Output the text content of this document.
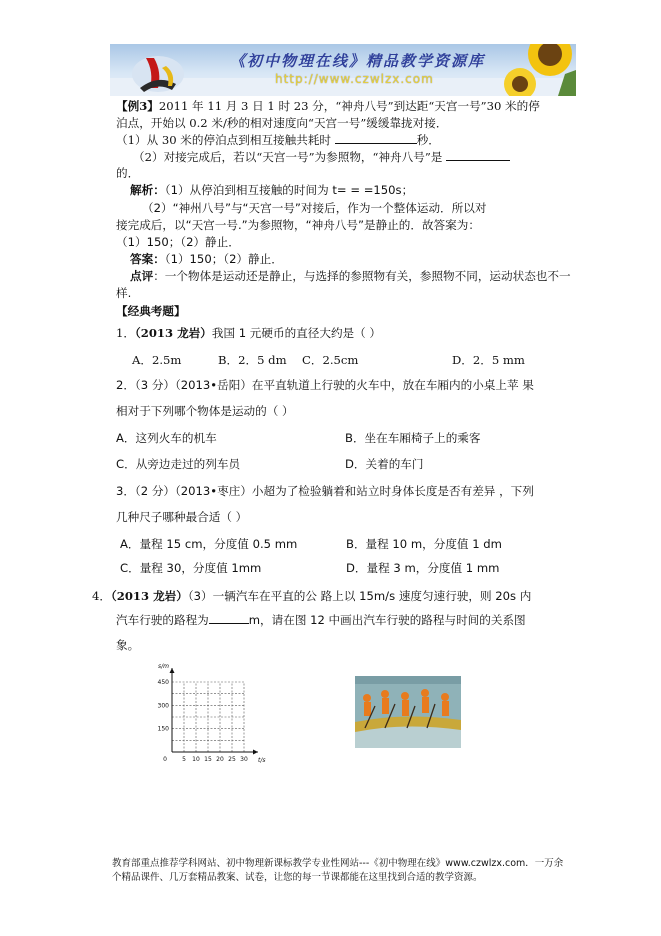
《初中物理在线》精品教学资源库
http://www.czwlzx.com
【例3】2011 年 11 月 3 日 1 时 23 分，“神舟八号”到达距“天宫一号”30 米的停
泊点，开始以 0.2 米/秒的相对速度向“天宫一号”缓缓靠拢对接．
（1）从 30 米的停泊点到相互接触共耗时	秒．
（2）对接完成后，若以“天宫一号”为参照物，“神舟八号”是
的．
解析：（1）从停泊到相互接触的时间为 t= = =150s；
（2）“神州八号”与“天宫一号”对接后，作为一个整体运动．所以对
接完成后，以“天宫一号.”为参照物，“神舟八号”是静止的．故答案为：
（1）150；（2）静止．
答案：（1）150；（2）静止．
点评：一个物体是运动还是静止，与选择的参照物有关，参照物不同，运动状态也不一
样.
【经典考题】
1．（2013 龙岩）我国 1 元硬币的直径大约是（ ）
A．2.5m	B．2．5 dm C．2.5cm	D．2．5 mm
2．（3 分）（2013•岳阳）在平直轨道上行驶的火车中，放在车厢内的小桌上苹 果
相对于下列哪个物体是运动的（ ）
A．这列火车的机车	B．坐在车厢椅子上的乘客
C．从旁边走过的列车员	D．关着的车门
3．（2 分）（2013•枣庄）小超为了检验躺着和站立时身体长度是否有差异 ，下列
几种尺子哪种最合适（ ）
A．量程 15 cm，分度值 0.5 mm	B．量程 10 m，分度值 1 dm
C．量程 30，分度值 1mm	D．量程 3 m，分度值 1 mm
4．（2013 龙岩）（3）一辆汽车在平直的公 路上以 15m/s 速度匀速行驶，则 20s 内
汽车行驶的路程为	m，请在图 12 中画出汽车行驶的路程与时间的关系图
象。
0	5 10 15 20 25 30
150
300
450
t/s
s/m
教育部重点推荐学科网站、初中物理新课标教学专业性网站---《初中物理在线》www.czwlzx.com．一万余
个精品课件、几万套精品教案、试卷，让您的每一节课都能在这里找到合适的教学资源。
